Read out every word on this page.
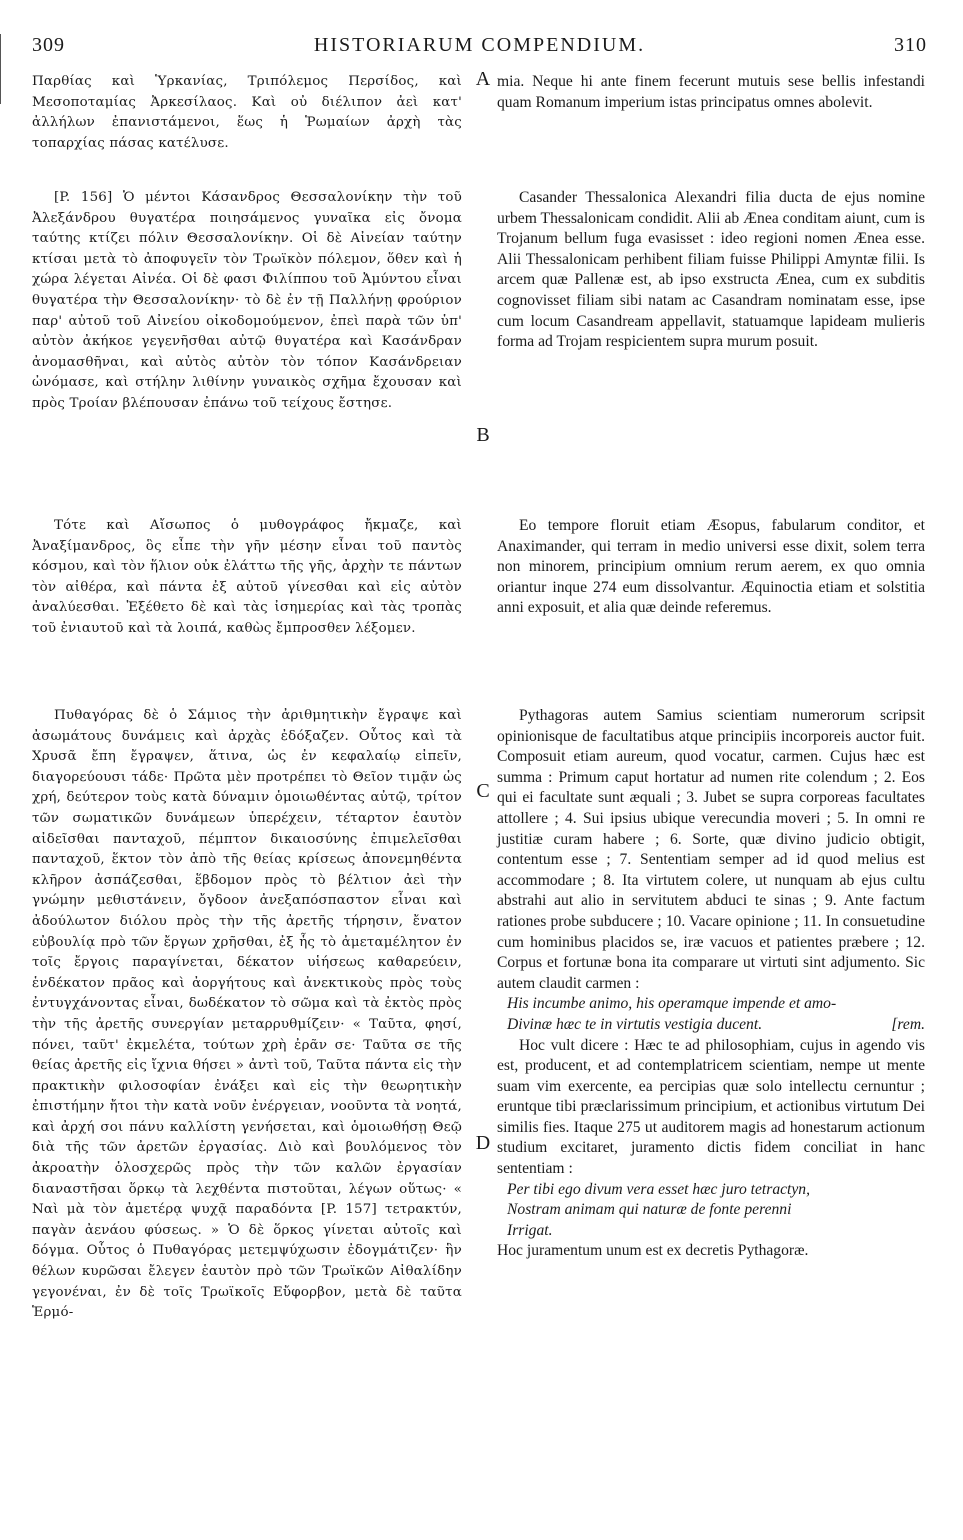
309	HISTORIARUM COMPENDIUM.	310

Παρθίας καὶ Ὑρκανίας, Τριπόλεμος Περσίδος, καὶ Μεσοποταμίας Ἀρκεσίλαος. Καὶ οὐ διέλιπον ἀεὶ κατ' ἀλλήλων ἐπανιστάμενοι, ἕως ἡ Ῥωμαίων ἀρχὴ τὰς τοπαρχίας πάσας κατέλυσε.

[P. 156] Ὁ μέντοι Κάσανδρος Θεσσαλονίκην τὴν τοῦ Ἀλεξάνδρου θυγατέρα ποιησάμενος γυναῖκα εἰς ὄνομα ταύτης κτίζει πόλιν Θεσσαλονίκην. Οἱ δὲ Αἰνείαν ταύτην κτίσαι μετὰ τὸ ἀποφυγεῖν τὸν Τρωϊκὸν πόλεμον, ὅθεν καὶ ἡ χώρα λέγεται Αἰνέα. Οἱ δὲ φασι Φιλίππου τοῦ Ἀμύντου εἶναι θυγατέρα τὴν Θεσσαλονίκην· τὸ δὲ ἐν τῇ Παλλήνῃ φρούριον παρ' αὐτοῦ τοῦ Αἰνείου οἰκοδομούμενον, ἐπεὶ παρὰ τῶν ὑπ' αὐτὸν ἀκήκοε γεγενῆσθαι αὐτῷ θυγατέρα καὶ Κασάνδραν ἀνομασθῆναι, καὶ αὐτὸς αὐτὸν τὸν τόπον Κασάνδρειαν ὠνόμασε, καὶ στήλην λιθίνην γυναικὸς σχῆμα ἔχουσαν καὶ πρὸς Τροίαν βλέπουσαν ἐπάνω τοῦ τείχους ἔστησε.

Τότε καὶ Αἴσωπος ὁ μυθογράφος ἤκμαζε, καὶ Ἀναξίμανδρος, ὃς εἶπε τὴν γῆν μέσην εἶναι τοῦ παντὸς κόσμου, καὶ τὸν ἥλιον οὐκ ἐλάττω τῆς γῆς, ἀρχὴν τε πάντων τὸν αἰθέρα, καὶ πάντα ἐξ αὐτοῦ γίνεσθαι καὶ εἰς αὐτὸν ἀναλύεσθαι. Ἐξέθετο δὲ καὶ τὰς ἰσημερίας καὶ τὰς τροπὰς τοῦ ἐνιαυτοῦ καὶ τὰ λοιπά, καθὼς ἔμπροσθεν λέξομεν.

Πυθαγόρας δὲ ὁ Σάμιος τὴν ἀριθμητικὴν ἔγραψε καὶ ἀσωμάτους δυνάμεις καὶ ἀρχὰς ἐδόξαζεν. Οὗτος καὶ τὰ Χρυσᾶ ἔπη ἔγραψεν, ἅτινα, ὡς ἐν κεφαλαίῳ εἰπεῖν, διαγορεύουσι τάδε· Πρῶτα μὲν προτρέπει τὸ Θεῖον τιμᾷν ὡς χρή, δεύτερον τοὺς κατὰ δύναμιν ὁμοιωθέντας αὐτῷ, τρίτον τῶν σωματικῶν δυνάμεων ὑπερέχειν, τέταρτον ἑαυτὸν αἰδεῖσθαι πανταχοῦ, πέμπτον δικαιοσύνης ἐπιμελεῖσθαι πανταχοῦ, ἕκτον τὸν ἀπὸ τῆς θείας κρίσεως ἀπονεμηθέντα κλῆρον ἀσπάζεσθαι, ἕβδομον πρὸς τὸ βέλτιον ἀεὶ τὴν γνώμην μεθιστάνειν, ὄγδοον ἀνεξαπόσπαστον εἶναι καὶ ἀδούλωτον διόλου πρὸς τὴν τῆς ἀρετῆς τήρησιν, ἔνατον εὐβουλίᾳ πρὸ τῶν ἔργων χρῆσθαι, ἐξ ἧς τὸ ἀμεταμέλητον ἐν τοῖς ἔργοις παραγίνεται, δέκατον υἱήσεως καθαρεύειν, ἑνδέκατον πρᾶος καὶ ἀοργήτους καὶ ἀνεκτικοὺς πρὸς τοὺς ἐντυγχάνοντας εἶναι, δωδέκατον τὸ σῶμα καὶ τὰ ἐκτὸς πρὸς τὴν τῆς ἀρετῆς συνεργίαν μεταρρυθμίζειν· « Ταῦτα, φησί, πόνει, ταῦτ' ἐκμελέτα, τούτων χρὴ ἐρᾶν σε· Ταῦτα σε τῆς θείας ἀρετῆς εἰς ἴχνια θήσει » ἀντὶ τοῦ, Ταῦτα πάντα εἰς τὴν πρακτικὴν φιλοσοφίαν ἐνάξει καὶ εἰς τὴν θεωρητικὴν ἐπιστήμην ἤτοι τὴν κατὰ νοῦν ἐνέργειαν, νοοῦντα τὰ νοητά, καὶ ἀρχή σοι πάνυ καλλίστη γενήσεται, καὶ ὁμοιωθήσῃ Θεῷ διὰ τῆς τῶν ἀρετῶν ἐργασίας. Διὸ καὶ βουλόμενος τὸν ἀκροατὴν ὁλοσχερῶς πρὸς τὴν τῶν καλῶν ἐργασίαν διαναστῆσαι ὅρκῳ τὰ λεχθέντα πιστοῦται, λέγων οὕτως· « Ναὶ μὰ τὸν ἀμετέρᾳ ψυχᾷ παραδόντα [P. 157] τετρακτύν, παγὰν ἀενάου φύσεως. » Ὁ δὲ ὅρκος γίνεται αὐτοῖς καὶ δόγμα. Οὗτος ὁ Πυθαγόρας μετεμψύχωσιν ἐδογμάτιζεν· ἣν θέλων κυρῶσαι ἔλεγεν ἑαυτὸν πρὸ τῶν Τρωϊκῶν Αἰθαλίδην γεγονέναι, ἐν δὲ τοῖς Τρωϊκοῖς Εὔφορβον, μετὰ δὲ ταῦτα Ἑρμό-

A
B
C
D

mia. Neque hi ante finem fecerunt mutuis sese bellis infestandi quam Romanum imperium istas principatus omnes abolevit.

Casander Thessalonica Alexandri filia ducta de ejus nomine urbem Thessalonicam condidit. Alii ab Ænea conditam aiunt, cum is Trojanum bellum fuga evasisset : ideo regioni nomen Ænea esse. Alii Thessalonicam perhibent filiam fuisse Philippi Amyntæ filii. Is arcem quæ Pallenæ est, ab ipso exstructa Ænea, cum ex subditis cognovisset filiam sibi natam ac Casandram nominatam esse, ipse cum locum Casandream appellavit, statuamque lapideam mulieris forma ad Trojam respicientem supra murum posuit.

Eo tempore floruit etiam Æsopus, fabularum conditor, et Anaximander, qui terram in medio universi esse dixit, solem terra non minorem, principium omnium rerum aerem, ex quo omnia oriantur inque 274 eum dissolvantur. Æquinoctia etiam et solstitia anni exposuit, et alia quæ deinde referemus.

Pythagoras autem Samius scientiam numerorum scripsit opinionisque de facultatibus atque principiis incorporeis auctor fuit. Composuit etiam aureum, quod vocatur, carmen. Cujus hæc est summa : Primum caput hortatur ad numen rite colendum ; 2. Eos qui ei facultate sunt æquali ; 3. Jubet se supra corporeas facultates attollere ; 4. Sui ipsius ubique verecundia moveri ; 5. In omni re justitiæ curam habere ; 6. Sorte, quæ divino judicio obtigit, contentum esse ; 7. Sententiam semper ad id quod melius est accommodare ; 8. Ita virtutem colere, ut nunquam ab ejus cultu abstrahi aut alio in servitutem abduci te sinas ; 9. Ante factum rationes probe subducere ; 10. Vacare opinione ; 11. In consuetudine cum hominibus placidos se, iræ vacuos et patientes præbere ; 12. Corpus et fortunæ bona ita comparare ut virtuti sint adjumento. Sic autem claudit carmen :

His incumbe animo, his operamque impende et amo-

Divinæ hæc te in virtutis vestigia ducent.	[rem.

Hoc vult dicere : Hæc te ad philosophiam, cujus in agendo vis est, producent, et ad contemplatricem scientiam, nempe ut mente suam vim exercente, ea percipias quæ solo intellectu cernuntur ; eruntque tibi præclarissimum principium, et actionibus virtutum Dei similis fies. Itaque 275 ut auditorem magis ad honestarum actionum studium excitaret, juramento dictis fidem conciliat in hanc sententiam :

Per tibi ego divum vera esset hæc juro tetractyn,

Nostram animam qui naturæ de fonte perenni

Irrigat.

Hoc juramentum unum est ex decretis Pythagoræ.
